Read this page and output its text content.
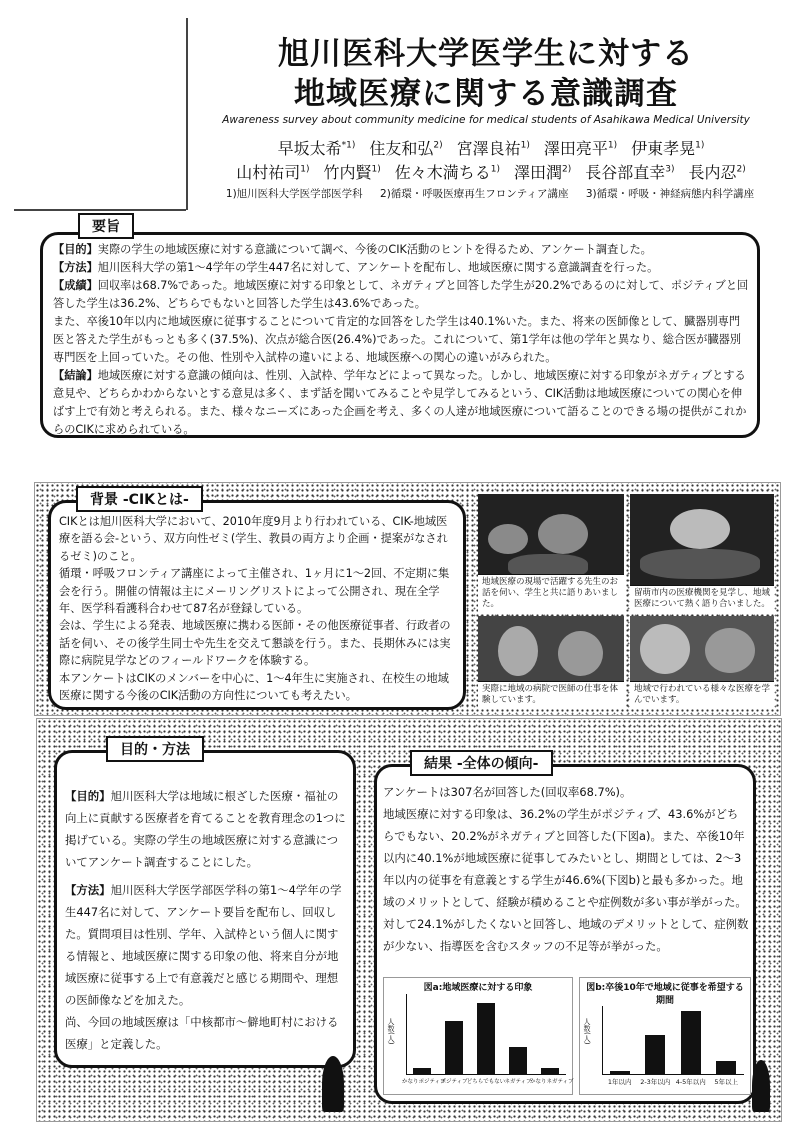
旭川医科大学医学生に対する
地域医療に関する意識調査
Awareness survey about community medicine for medical students of Asahikawa Medical University
早坂太希$^{*1)}$ 住友和弘$^{2)}$ 宮澤良祐$^{1)}$ 澤田亮平$^{1)}$ 伊東孝晃$^{1)}$
山村祐司$^{1)}$ 竹内賢$^{1)}$ 佐々木満ちる$^{1)}$ 澤田潤$^{2)}$ 長谷部直幸$^{3)}$ 長内忍$^{2)}$
1)旭川医科大学医学部医学科 2)循環・呼吸医療再生フロンティア講座 3)循環・呼吸・神経病態内科学講座

【目的】実際の学生の地域医療に対する意識について調べ、今後のCIK活動のヒントを得るため、アンケート調査した。

【方法】旭川医科大学の第1〜4学年の学生447名に対して、アンケートを配布し、地域医療に関する意識調査を行った。

【成績】回収率は68.7%であった。地域医療に対する印象として、ネガティブと回答した学生が20.2%であるのに対して、ポジティブと回答した学生は36.2%、どちらでもないと回答した学生は43.6%であった。

また、卒後10年以内に地域医療に従事することについて肯定的な回答をした学生は40.1%いた。また、将来の医師像として、臓器別専門医と答えた学生がもっとも多く(37.5%)、次点が総合医(26.4%)であった。これについて、第1学年は他の学年と異なり、総合医が臓器別専門医を上回っていた。その他、性別や入試枠の違いによる、地域医療への関心の違いがみられた。

【結論】地域医療に対する意識の傾向は、性別、入試枠、学年などによって異なった。しかし、地域医療に対する印象がネガティブとする意見や、どちらかわからないとする意見は多く、まず話を聞いてみることや見学してみるという、CIK活動は地域医療についての関心を伸ばす上で有効と考えられる。また、様々なニーズにあった企画を考え、多くの人達が地域医療について語ることのできる場の提供がこれからのCIKに求められている。

要旨

CIKとは旭川医科大学において、2010年度9月より行われている、CIK-地域医療を語る会-という、双方向性ゼミ(学生、教員の両方より企画・提案がなされるゼミ)のこと。

循環・呼吸フロンティア講座によって主催され、1ヶ月に1〜2回、不定期に集会を行う。開催の情報は主にメーリングリストによって公開され、現在全学年、医学科看護科合わせて87名が登録している。

会は、学生による発表、地域医療に携わる医師・その他医療従事者、行政者の話を伺い、その後学生同士や先生を交えて懇談を行う。また、長期休みには実際に病院見学などのフィールドワークを体験する。

本アンケートはCIKのメンバーを中心に、1〜4年生に実施され、在校生の地域医療に関する今後のCIK活動の方向性についても考えたい。

背景 -CIKとは-
地域医療の現場で活躍する先生のお話を伺い、学生と共に語りあいました。
留萌市内の医療機関を見学し、地域医療について熱く語り合いました。
実際に地域の病院で医師の仕事を体験しています。
地域で行われている様々な医療を学んでいます。

【目的】旭川医科大学は地域に根ざした医療・福祉の向上に貢献する医療者を育てることを教育理念の1つに掲げている。実際の学生の地域医療に対する意識についてアンケート調査することにした。

【方法】旭川医科大学医学部医学科の第1〜4学年の学生447名に対して、アンケート要旨を配布し、回収した。質問項目は性別、学年、入試枠という個人に関する情報と、地域医療に関する印象の他、将来自分が地域医療に従事する上で有意義だと感じる期間や、理想の医師像などを加えた。

尚、今回の地域医療は「中核都市〜僻地町村における医療」と定義した。

目的・方法

アンケートは307名が回答した(回収率68.7%)。

地域医療に対する印象は、36.2%の学生がポジティブ、43.6%がどちらでもない、20.2%がネガティブと回答した(下図a)。また、卒後10年以内に40.1%が地域医療に従事してみたいとし、期間としては、2〜3年以内の従事を有意義とする学生が46.6%(下図b)と最も多かった。地域のメリットとして、経験が積めることや症例数が多い事が挙がった。対して24.1%がしたくないと回答し、地域のデメリットとして、症例数が少ない、指導医を含むスタッフの不足等が挙がった。

図a:地域医療に対する印象
人数(人)
かなりポジティブ
ポジティブ どちらでもない ネガティブ
かなりネガティブ
図b:卒後10年で地域に従事を希望する期間
人数(人)
1年以内	2-3年以内 4-5年以内	5年以上
結果 -全体の傾向-
